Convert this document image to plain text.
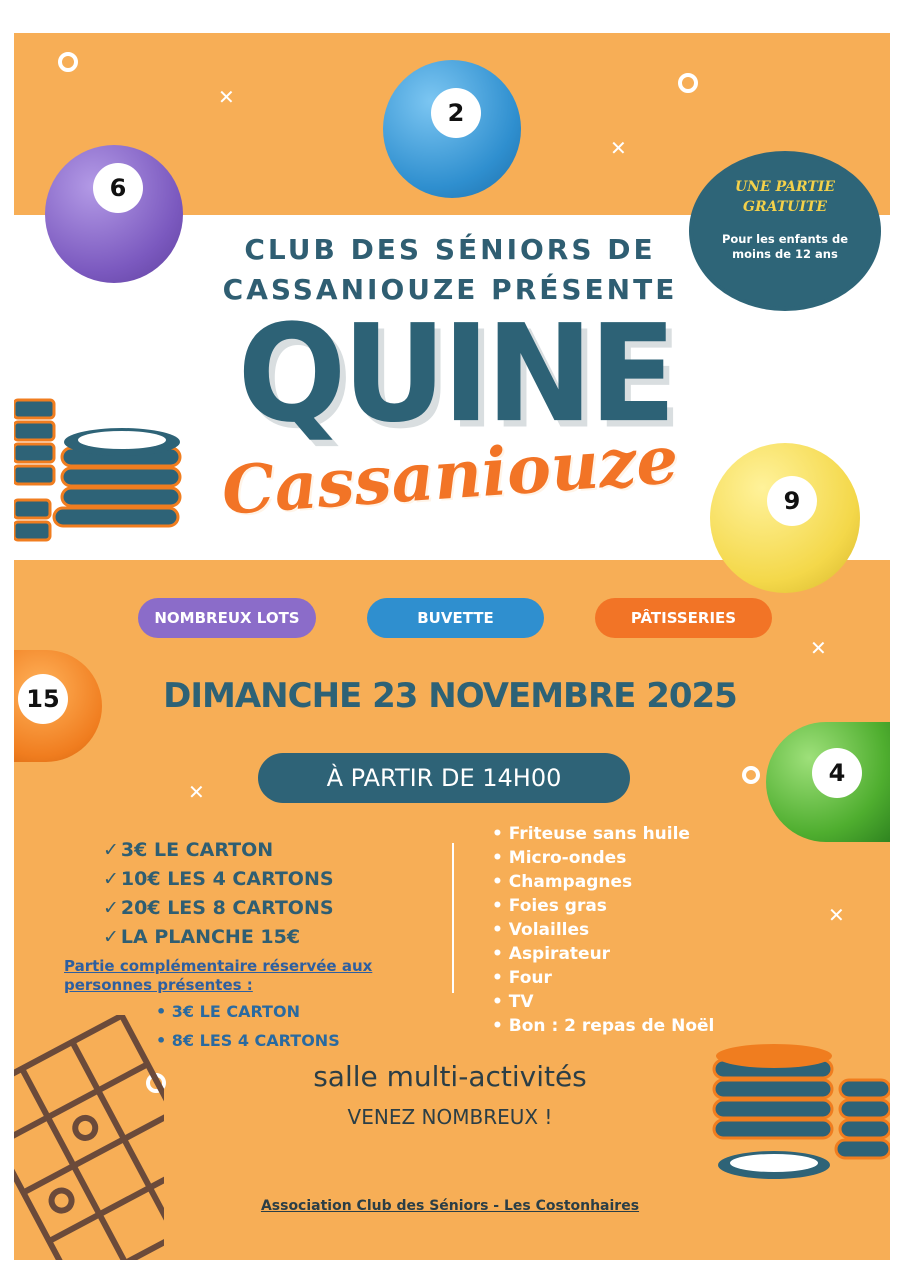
✕
✕
✕
✕
✕
6
2
9
15
4
CLUB DES SÉNIORS DE
CASSANIOUZE PRÉSENTE
QUINE
Cassaniouze
UNE PARTIE
GRATUITE
Pour les enfants de moins de 12 ans
NOMBREUX LOTS	BUVETTE	PÂTISSERIES
DIMANCHE 23 NOVEMBRE 2025
À PARTIR DE 14H00
✓ 3€ LE CARTON
✓ 10€ LES 4 CARTONS
✓ 20€ LES 8 CARTONS
✓ LA PLANCHE 15€
Partie complémentaire réservée aux
personnes présentes :
• 3€ LE CARTON
• 8€ LES 4 CARTONS
• Friteuse sans huile
• Micro-ondes
• Champagnes
• Foies gras
• Volailles
• Aspirateur
• Four
• TV
• Bon : 2 repas de Noël
salle multi-activités
VENEZ NOMBREUX !
Association Club des Séniors - Les Costonhaires
